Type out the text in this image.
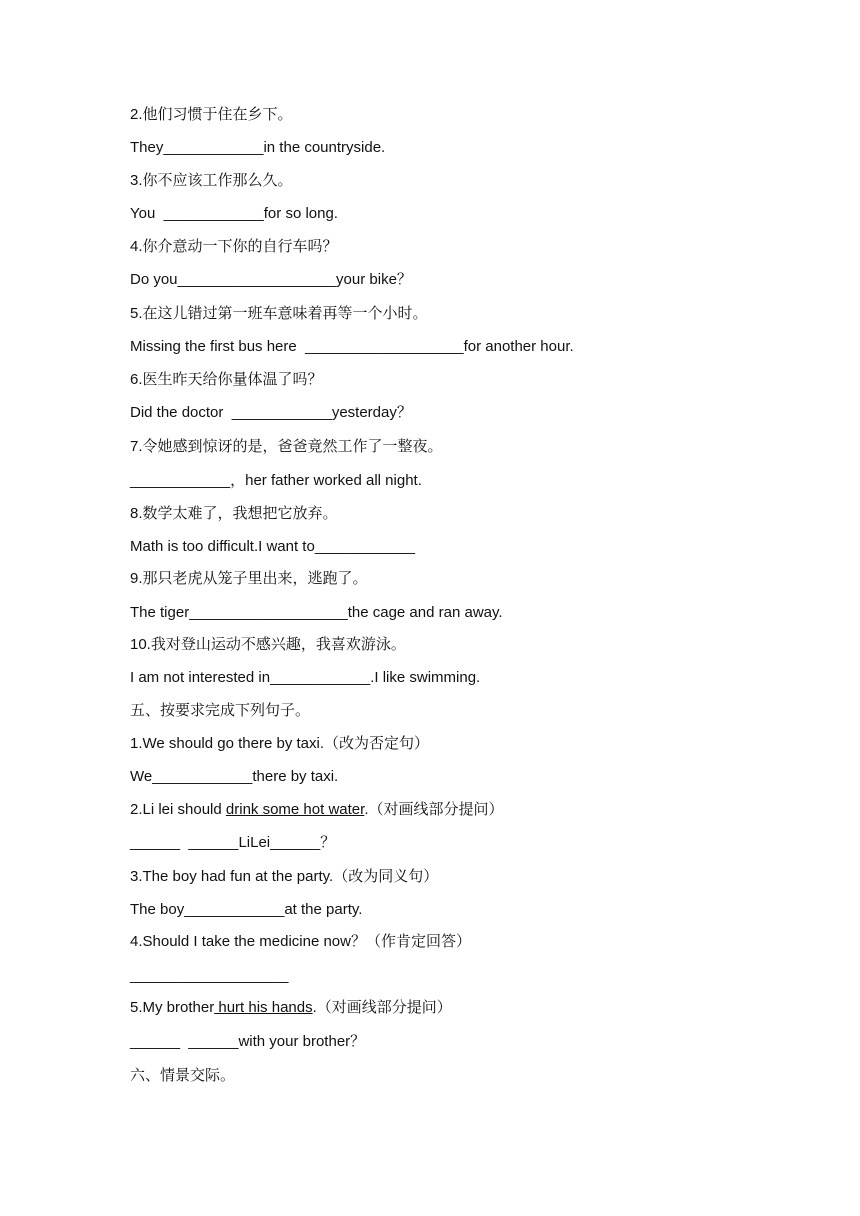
2.他们习惯于住在乡下。
They____________in the countryside.
3.你不应该工作那么久。
You  ____________for so long.
4.你介意动一下你的自行车吗？
Do you___________________your bike？
5.在这儿错过第一班车意味着再等一个小时。
Missing the first bus here  ___________________for another hour.
6.医生昨天给你量体温了吗？
Did the doctor  ____________yesterday？
7.令她感到惊讶的是，爸爸竟然工作了一整夜。
____________，her father worked all night.
8.数学太难了，我想把它放弃。
Math is too difficult.I want to____________
9.那只老虎从笼子里出来，逃跑了。
The tiger___________________the cage and ran away.
10.我对登山运动不感兴趣，我喜欢游泳。
I am not interested in____________.I like swimming.
五、按要求完成下列句子。
1.We should go there by taxi.（改为否定句）
We____________there by taxi.
2.Li lei should drink some hot water.（对画线部分提问）
______  ______LiLei______？
3.The boy had fun at the party.（改为同义句）
The boy____________at the party.
4.Should I take the medicine now？（作肯定回答）
___________________
5.My brother hurt his hands.（对画线部分提问）
______  ______with your brother？
六、情景交际。
